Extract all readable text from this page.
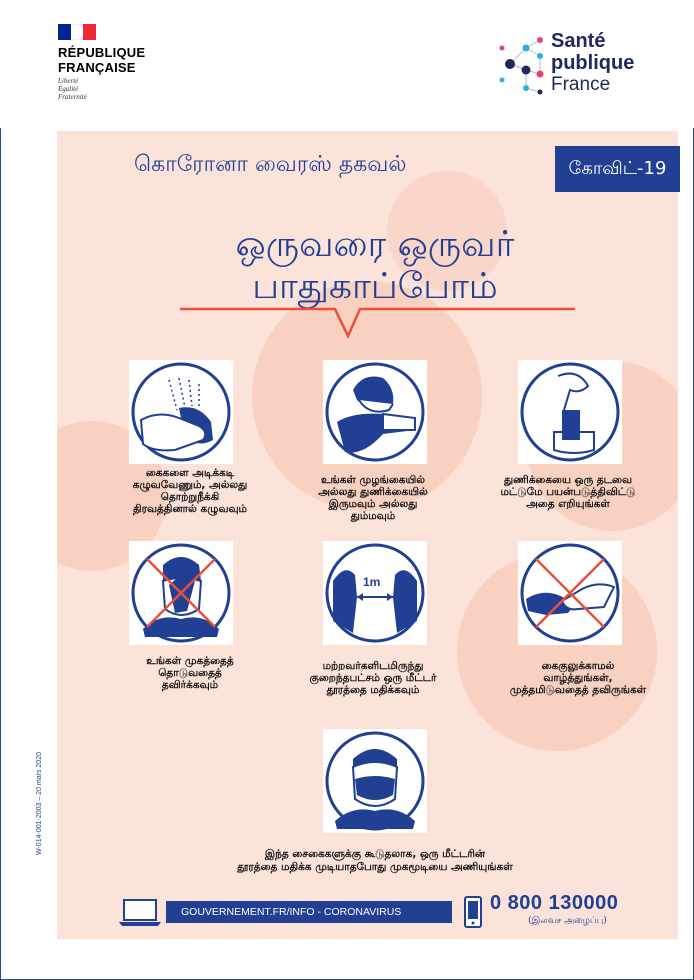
RÉPUBLIQUE
FRANÇAISE
Liberté
Égalité
Fraternité
Santé
publique
France
கொரோனா வைரஸ் தகவல்	கோவிட்-19
ஒருவரை ஒருவர்
பாதுகாப்போம்
கைகளை அடிக்கடி
கழுவவேணும், அல்லது
தொற்றுநீக்கி
திரவத்தினால் கழுவவும்
உங்கள் முழங்கையில்
அல்லது துணிக்கையில்
இருமவும் அல்லது
தும்மவும்
துணிக்கையை ஒரு தடவை
மட்டுமே பயன்படுத்திவிட்டு
அதை எறியுங்கள்
உங்கள் முகத்தைத்
தொடுவதைத்
தவிர்க்கவும்
1m
மற்றவர்களிடமிருந்து
குறைந்தபட்சம் ஒரு மீட்டர்
தூரத்தை மதிக்கவும்
கைகுலுக்காமல்
வாழ்த்துங்கள்,
முத்தமிடுவதைத் தவிருங்கள்
இந்த சைகைகளுக்கு கூடுதலாக, ஒரு மீட்டரின்
தூரத்தை மதிக்க முடியாதபோது முகமூடியை அணியுங்கள்
GOUVERNEMENT.FR/INFO - CORONAVIRUS	0 800 130000
(இலவச அழைப்பு)
W-014-001-2003 – 20 mars 2020
